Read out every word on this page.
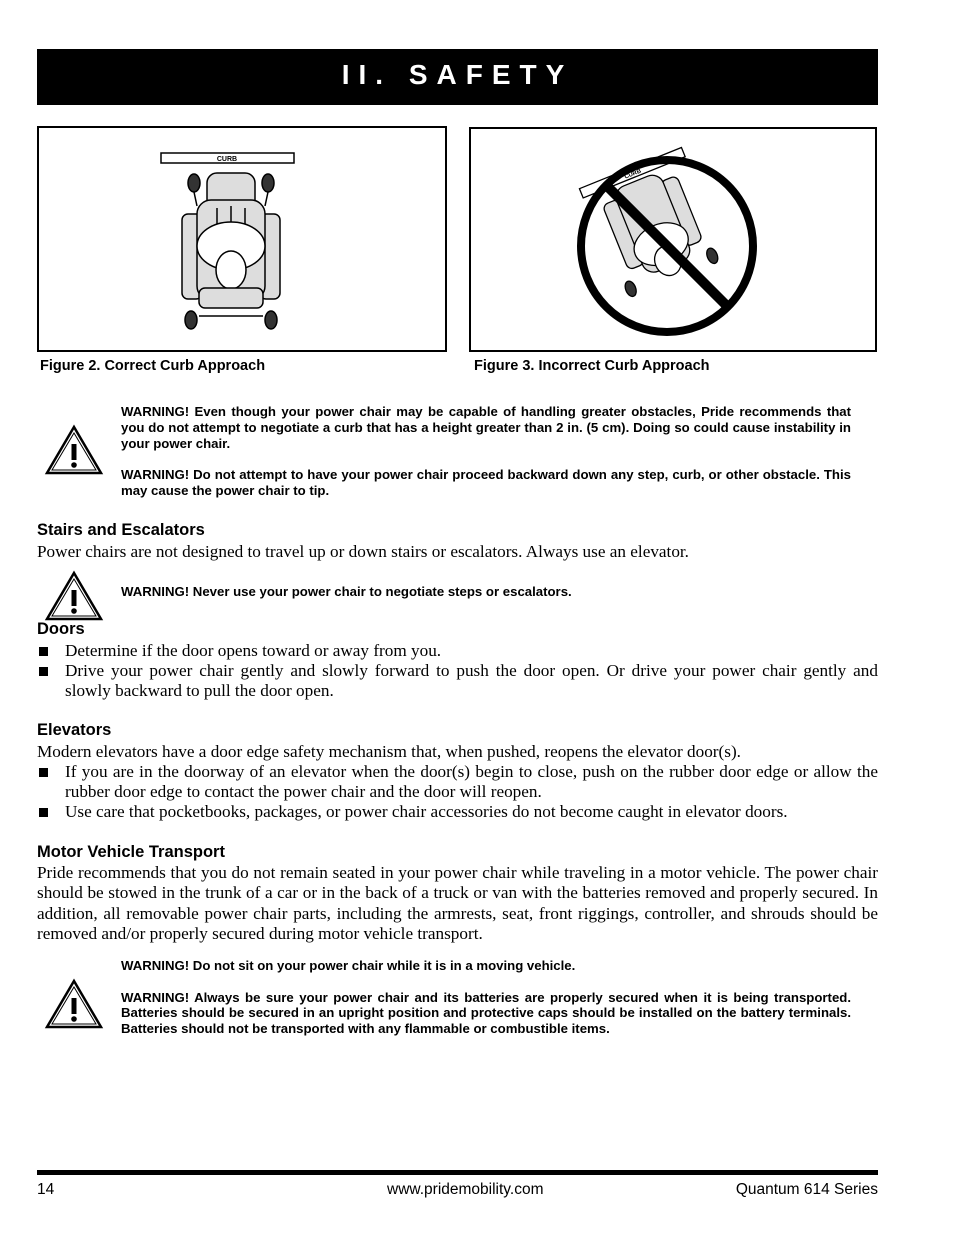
II. SAFETY
CURB
Figure 2. Correct Curb Approach
CURB
Figure 3. Incorrect Curb Approach

WARNING! Even though your power chair may be capable of handling greater obstacles, Pride recommends that you do not attempt to negotiate a curb that has a height greater than 2 in. (5 cm). Doing so could cause instability in your power chair.

WARNING! Do not attempt to have your power chair proceed backward down any step, curb, or other obstacle. This may cause the power chair to tip.

Stairs and Escalators
Power chairs are not designed to travel up or down stairs or escalators. Always use an elevator.
WARNING! Never use your power chair to negotiate steps or escalators.
Doors
Determine if the door opens toward or away from you.
Drive your power chair gently and slowly forward to push the door open. Or drive your power chair gently and slowly backward to pull the door open.
Elevators
Modern elevators have a door edge safety mechanism that, when pushed, reopens the elevator door(s).
If you are in the doorway of an elevator when the door(s) begin to close, push on the rubber door edge or allow the rubber door edge to contact the power chair and the door will reopen.
Use care that pocketbooks, packages, or power chair accessories do not become caught in elevator doors.
Motor Vehicle Transport
Pride recommends that you do not remain seated in your power chair while traveling in a motor vehicle. The power chair should be stowed in the trunk of a car or in the back of a truck or van with the batteries removed and properly secured. In addition, all removable power chair parts, including the armrests, seat, front riggings, controller, and shrouds should be removed and/or properly secured during motor vehicle transport.

WARNING! Do not sit on your power chair while it is in a moving vehicle.

WARNING! Always be sure your power chair and its batteries are properly secured when it is being transported. Batteries should be secured in an upright position and protective caps should be installed on the battery terminals. Batteries should not be transported with any flammable or combustible items.

14	www.pridemobility.com	Quantum 614 Series
